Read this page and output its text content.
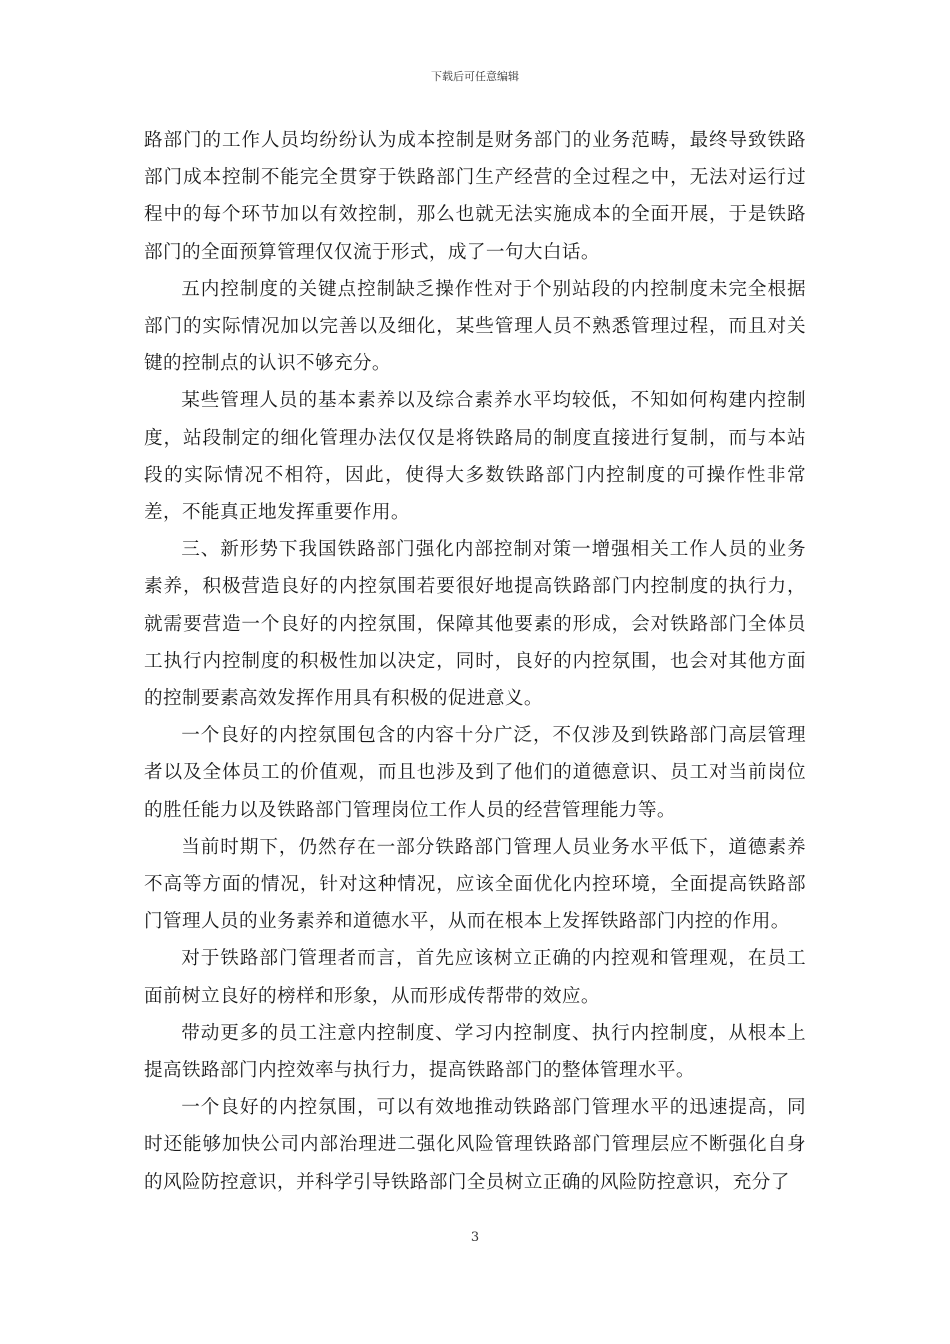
下载后可任意编辑

路部门的工作人员均纷纷认为成本控制是财务部门的业务范畴，最终导致铁路部门成本控制不能完全贯穿于铁路部门生产经营的全过程之中，无法对运行过程中的每个环节加以有效控制，那么也就无法实施成本的全面开展，于是铁路部门的全面预算管理仅仅流于形式，成了一句大白话。

五内控制度的关键点控制缺乏操作性对于个别站段的内控制度未完全根据部门的实际情况加以完善以及细化，某些管理人员不熟悉管理过程，而且对关键的控制点的认识不够充分。

某些管理人员的基本素养以及综合素养水平均较低，不知如何构建内控制度，站段制定的细化管理办法仅仅是将铁路局的制度直接进行复制，而与本站段的实际情况不相符，因此，使得大多数铁路部门内控制度的可操作性非常差，不能真正地发挥重要作用。

三、新形势下我国铁路部门强化内部控制对策一增强相关工作人员的业务素养，积极营造良好的内控氛围若要很好地提高铁路部门内控制度的执行力，就需要营造一个良好的内控氛围，保障其他要素的形成，会对铁路部门全体员工执行内控制度的积极性加以决定，同时，良好的内控氛围，也会对其他方面的控制要素高效发挥作用具有积极的促进意义。

一个良好的内控氛围包含的内容十分广泛，不仅涉及到铁路部门高层管理者以及全体员工的价值观，而且也涉及到了他们的道德意识、员工对当前岗位的胜任能力以及铁路部门管理岗位工作人员的经营管理能力等。

当前时期下，仍然存在一部分铁路部门管理人员业务水平低下，道德素养不高等方面的情况，针对这种情况，应该全面优化内控环境，全面提高铁路部门管理人员的业务素养和道德水平，从而在根本上发挥铁路部门内控的作用。

对于铁路部门管理者而言，首先应该树立正确的内控观和管理观，在员工面前树立良好的榜样和形象，从而形成传帮带的效应。

带动更多的员工注意内控制度、学习内控制度、执行内控制度，从根本上提高铁路部门内控效率与执行力，提高铁路部门的整体管理水平。

一个良好的内控氛围，可以有效地推动铁路部门管理水平的迅速提高，同时还能够加快公司内部治理进二强化风险管理铁路部门管理层应不断强化自身的风险防控意识，并科学引导铁路部门全员树立正确的风险防控意识，充分了

3
